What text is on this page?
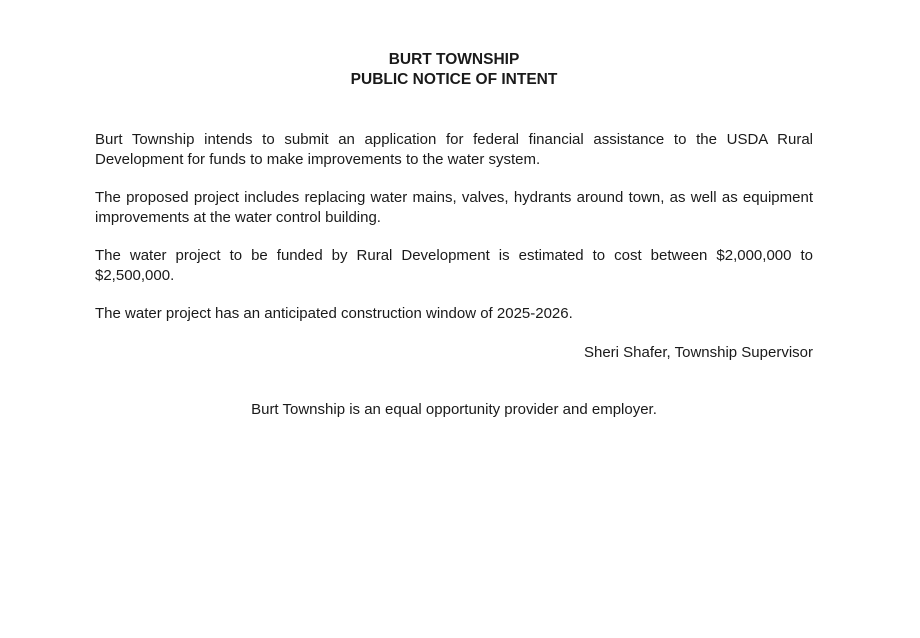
BURT TOWNSHIP
PUBLIC NOTICE OF INTENT

Burt Township intends to submit an application for federal financial assistance to the USDA Rural Development for funds to make improvements to the water system.

The proposed project includes replacing water mains, valves, hydrants around town, as well as equipment improvements at the water control building.

The water project to be funded by Rural Development is estimated to cost between $2,000,000 to $2,500,000.

The water project has an anticipated construction window of 2025-2026.

Sheri Shafer, Township Supervisor

Burt Township is an equal opportunity provider and employer.
